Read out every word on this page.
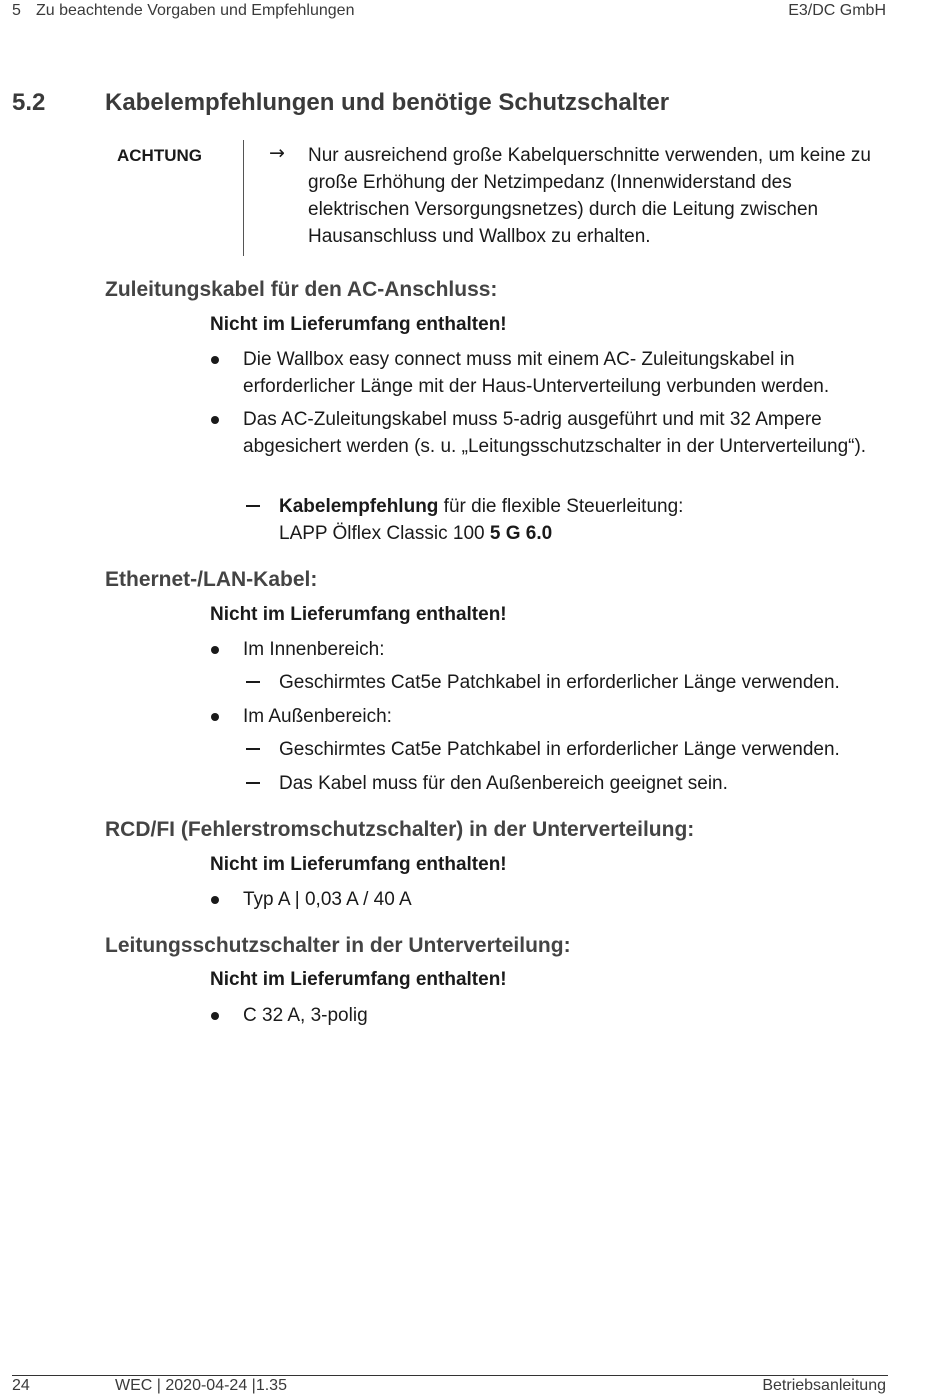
5 Zu beachtende Vorgaben und Empfehlungen	E3/DC GmbH
5.2 Kabelempfehlungen und benötige Schutzschalter
ACHTUNG	→ Nur ausreichend große Kabelquerschnitte verwenden, um keine zu große Erhöhung der Netzimpedanz (Innenwiderstand des elektrischen Versorgungsnetzes) durch die Leitung zwischen Hausanschluss und Wallbox zu erhalten.
Zuleitungskabel für den AC-Anschluss:
Nicht im Lieferumfang enthalten!
Die Wallbox easy connect muss mit einem AC- Zuleitungskabel in erforderlicher Länge mit der Haus-Unterverteilung verbunden werden.
Das AC-Zuleitungskabel muss 5-adrig ausgeführt und mit 32 Ampere abgesichert werden (s. u. „Leitungsschutzschalter in der Unterverteilung“).
Kabelempfehlung für die flexible Steuerleitung:
LAPP Ölflex Classic 100 5 G 6.0
Ethernet-/LAN-Kabel:
Nicht im Lieferumfang enthalten!
Im Innenbereich:
Geschirmtes Cat5e Patchkabel in erforderlicher Länge verwenden.
Im Außenbereich:
Geschirmtes Cat5e Patchkabel in erforderlicher Länge verwenden.
Das Kabel muss für den Außenbereich geeignet sein.
RCD/FI (Fehlerstromschutzschalter) in der Unterverteilung:
Nicht im Lieferumfang enthalten!
Typ A | 0,03 A / 40 A
Leitungsschutzschalter in der Unterverteilung:
Nicht im Lieferumfang enthalten!
C 32 A, 3-polig
24	WEC | 2020-04-24 |1.35	Betriebsanleitung
